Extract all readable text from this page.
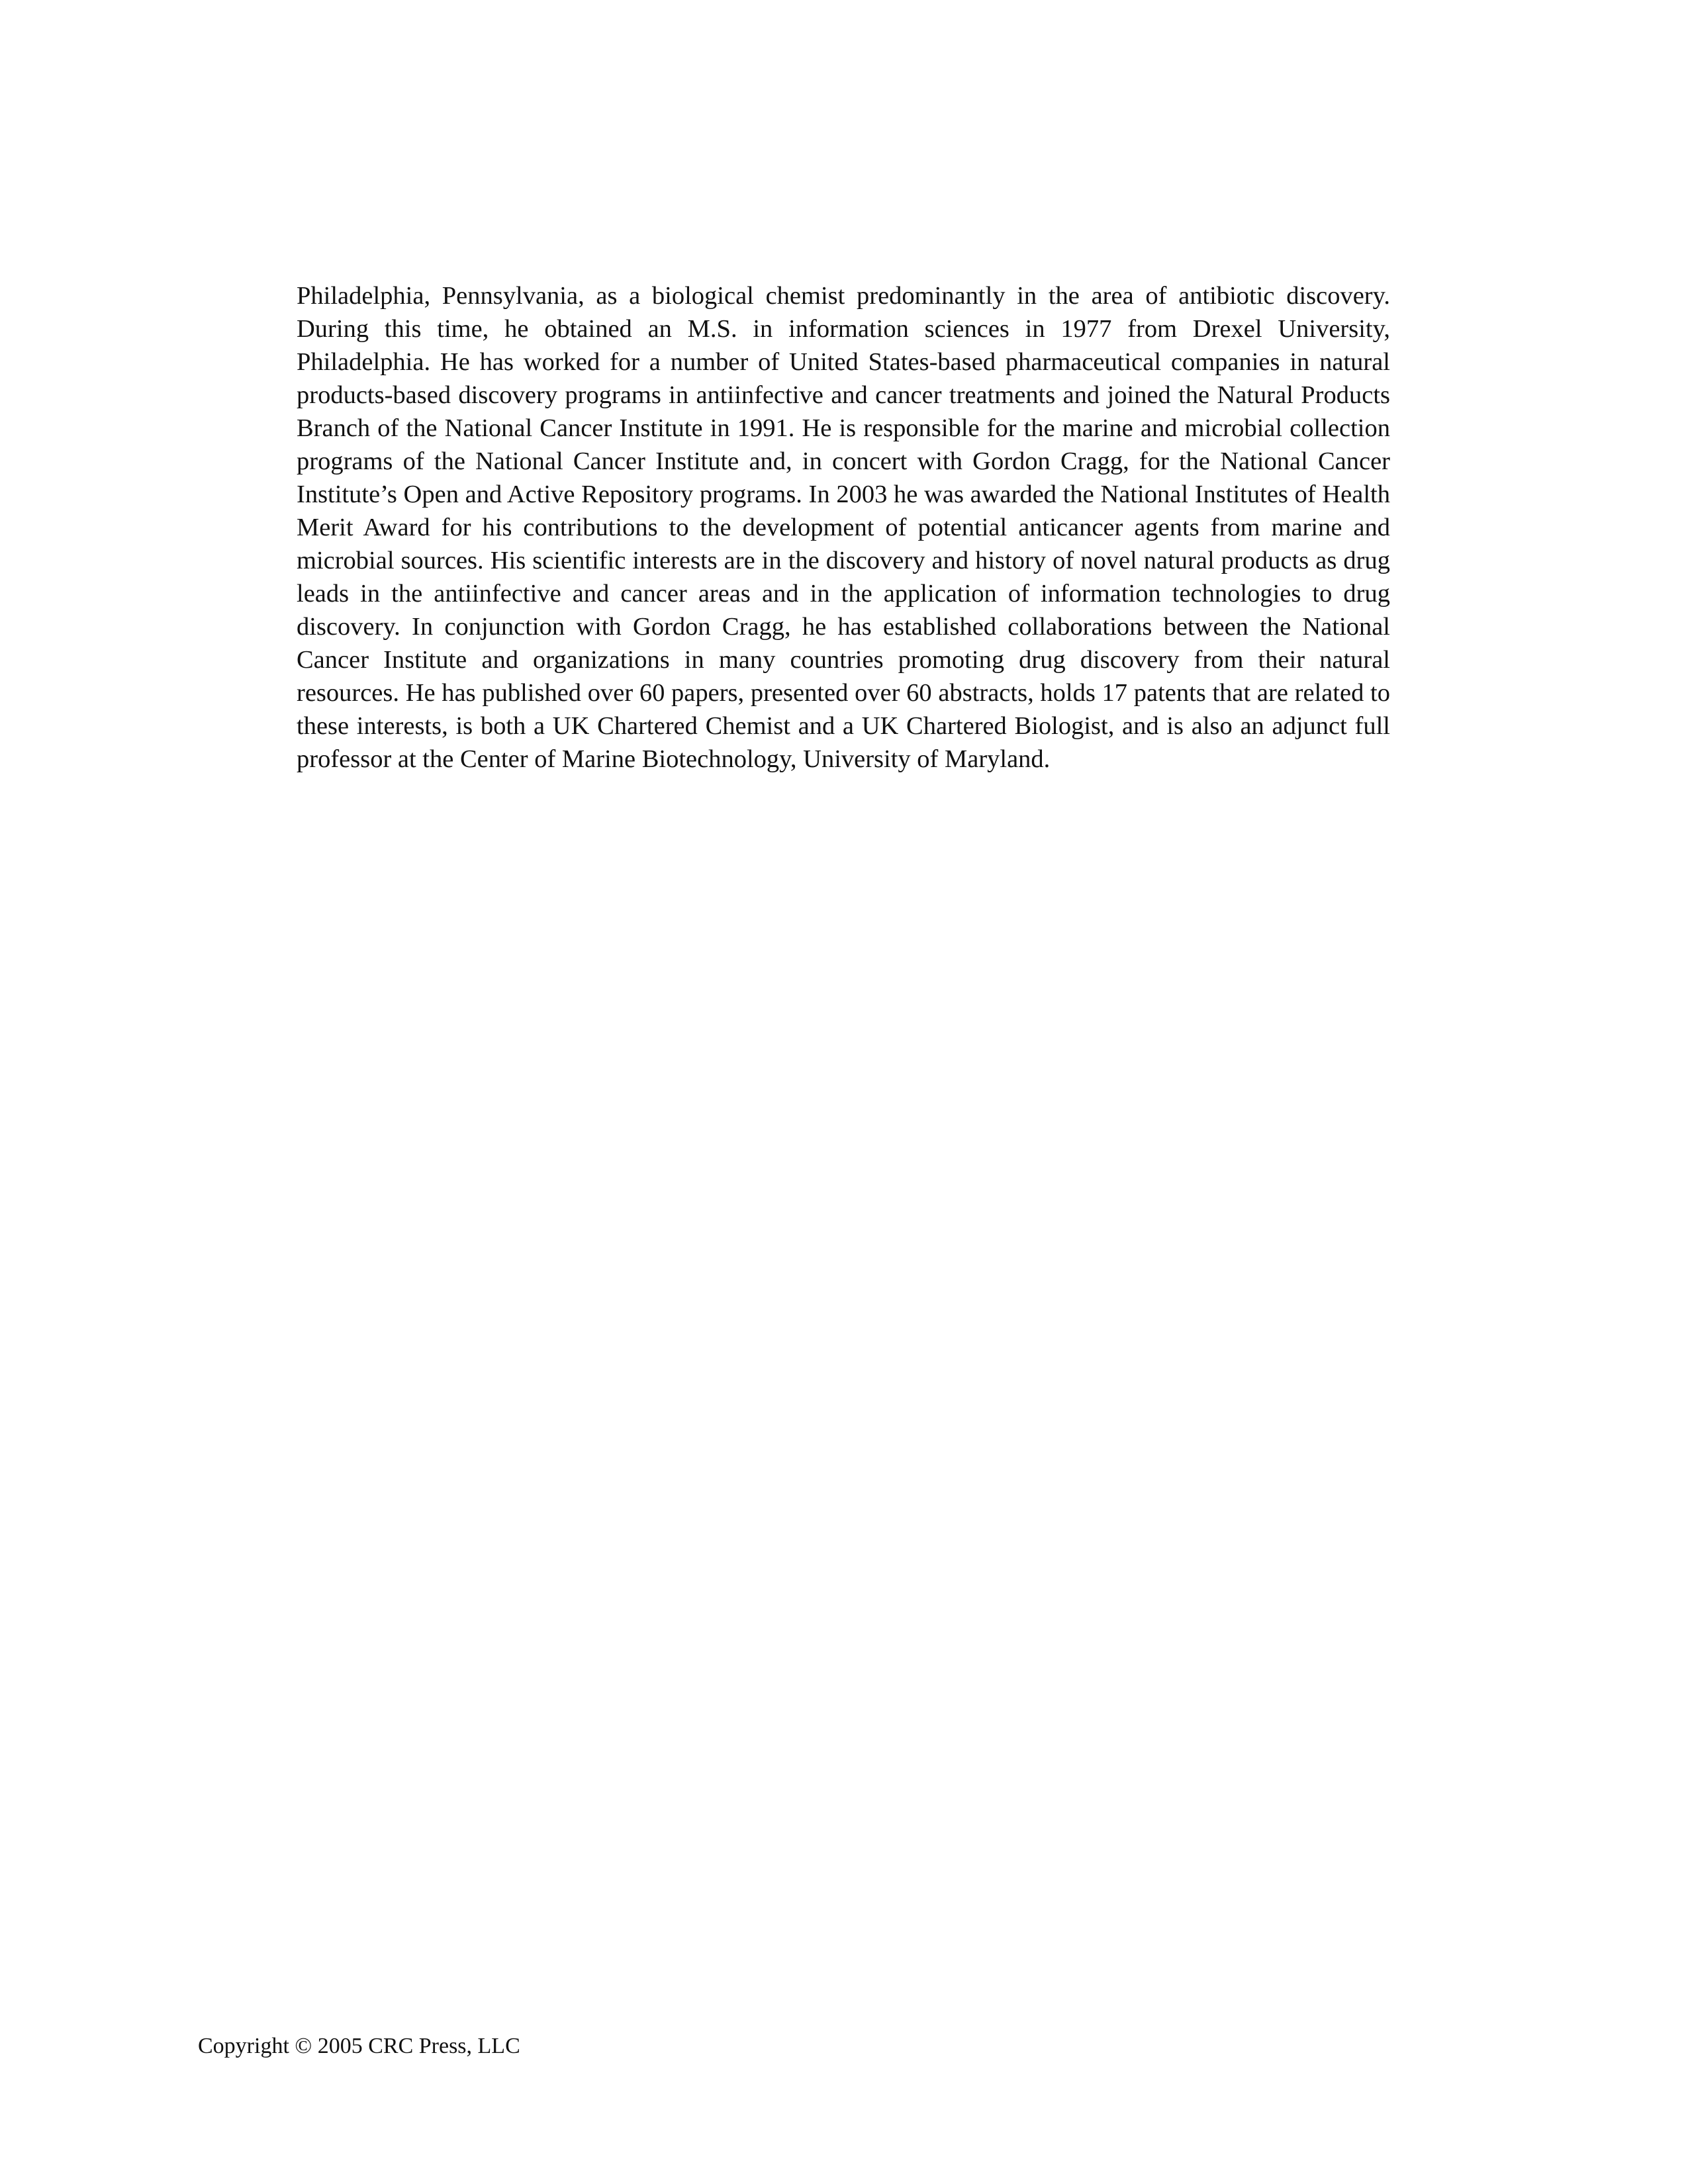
Philadelphia, Pennsylvania, as a biological chemist predominantly in the area of antibiotic discovery. During this time, he obtained an M.S. in information sciences in 1977 from Drexel University, Philadelphia. He has worked for a number of United States-based pharmaceutical companies in natural products-based discovery programs in antiinfective and cancer treatments and joined the Natural Products Branch of the National Cancer Institute in 1991. He is responsible for the marine and microbial collection programs of the National Cancer Institute and, in concert with Gordon Cragg, for the National Cancer Institute’s Open and Active Repository programs. In 2003 he was awarded the National Institutes of Health Merit Award for his contributions to the development of potential anticancer agents from marine and microbial sources. His scientific interests are in the discovery and history of novel natural products as drug leads in the antiinfective and cancer areas and in the application of information technologies to drug discovery. In conjunction with Gordon Cragg, he has established collaborations between the National Cancer Institute and organizations in many countries promoting drug discovery from their natural resources. He has published over 60 papers, presented over 60 abstracts, holds 17 patents that are related to these interests, is both a UK Chartered Chemist and a UK Chartered Biologist, and is also an adjunct full professor at the Center of Marine Biotechnology, University of Maryland.

Copyright © 2005 CRC Press, LLC
